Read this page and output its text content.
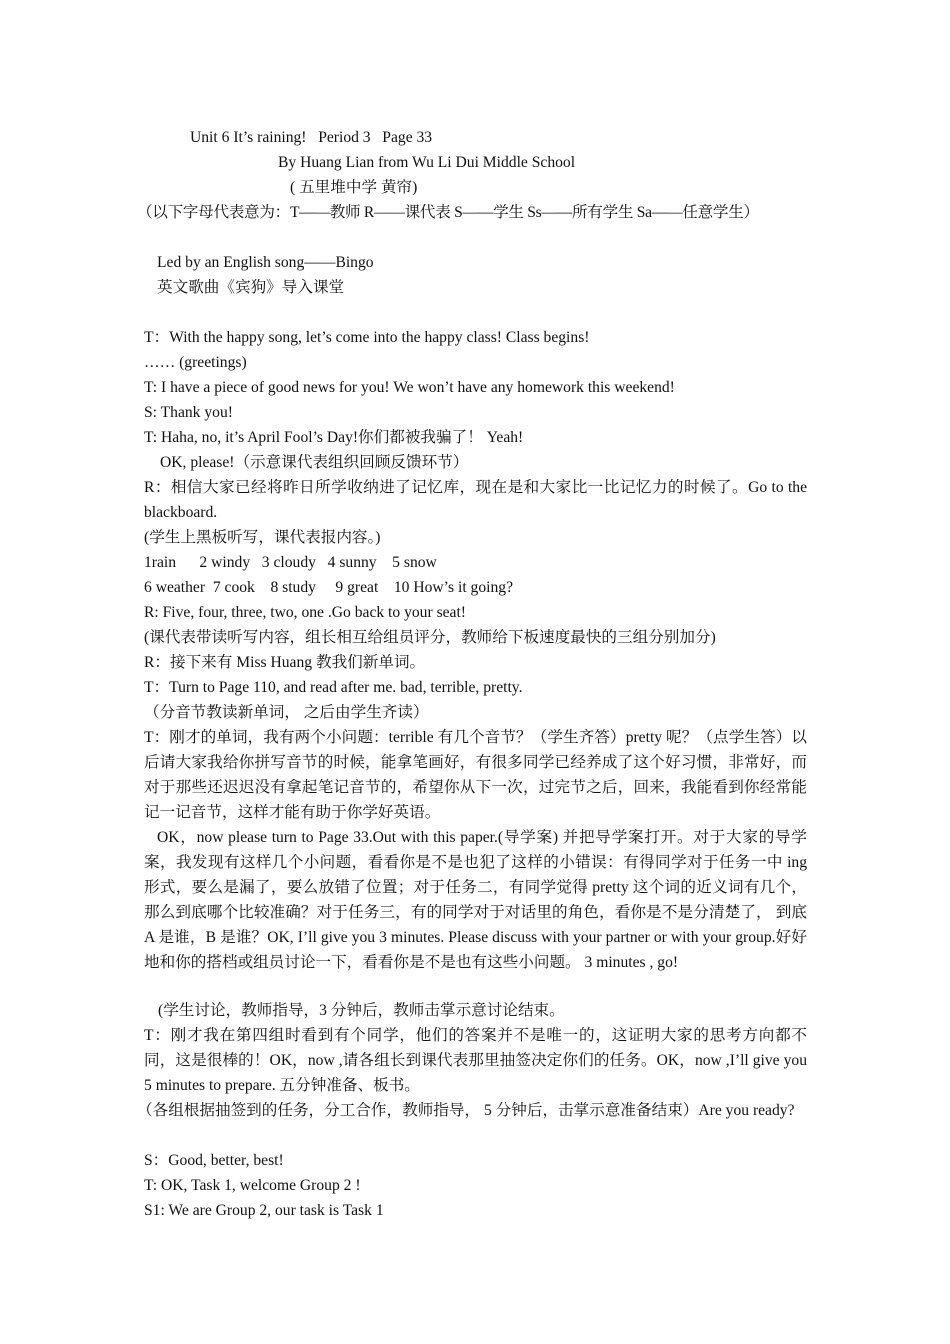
Unit 6 It’s raining!   Period 3   Page 33
By Huang Lian from Wu Li Dui Middle School
( 五里堆中学 黄帘)
（以下字母代表意为：T——教师 R——课代表 S——学生 Ss——所有学生 Sa——任意学生）
Led by an English song——Bingo
英文歌曲《宾狗》导入课堂
T：With the happy song, let’s come into the happy class! Class begins!
…… (greetings)
T: I have a piece of good news for you! We won’t have any homework this weekend!
S: Thank you!
T: Haha, no, it’s April Fool’s Day!你们都被我骗了！ Yeah!
OK, please!（示意课代表组织回顾反馈环节）
R：相信大家已经将昨日所学收纳进了记忆库，现在是和大家比一比记忆力的时候了。Go to the blackboard.
(学生上黑板听写，课代表报内容。)
1rain      2 windy   3 cloudy   4 sunny    5 snow
6 weather  7 cook    8 study     9 great    10 How’s it going?
R: Five, four, three, two, one .Go back to your seat!
(课代表带读听写内容，组长相互给组员评分，教师给下板速度最快的三组分别加分)
R：接下来有 Miss Huang 教我们新单词。
T：Turn to Page 110, and read after me. bad, terrible, pretty.
（分音节教读新单词， 之后由学生齐读）
T：刚才的单词，我有两个小问题：terrible 有几个音节？（学生齐答）pretty 呢？（点学生答）以后请大家我给你拼写音节的时候，能拿笔画好，有很多同学已经养成了这个好习惯，非常好，而对于那些还迟迟没有拿起笔记音节的，希望你从下一次，过完节之后，回来，我能看到你经常能记一记音节，这样才能有助于你学好英语。
OK，now please turn to Page 33.Out with this paper.(导学案) 并把导学案打开。对于大家的导学案，我发现有这样几个小问题，看看你是不是也犯了这样的小错误：有得同学对于任务一中 ing 形式，要么是漏了，要么放错了位置；对于任务二，有同学觉得 pretty 这个词的近义词有几个，那么到底哪个比较准确？对于任务三，有的同学对于对话里的角色，看你是不是分清楚了， 到底 A 是谁，B 是谁？OK, I’ll give you 3 minutes. Please discuss with your partner or with your group.好好地和你的搭档或组员讨论一下，看看你是不是也有这些小问题。 3 minutes , go!
(学生讨论，教师指导，3 分钟后，教师击掌示意讨论结束。
T：刚才我在第四组时看到有个同学，他们的答案并不是唯一的，这证明大家的思考方向都不同，这是很棒的！OK，now ,请各组长到课代表那里抽签决定你们的任务。OK，now ,I’ll give you 5 minutes to prepare. 五分钟准备、板书。
（各组根据抽签到的任务，分工合作，教师指导， 5 分钟后，击掌示意准备结束）Are you ready?
S：Good, better, best!
T: OK, Task 1, welcome Group 2 !
S1: We are Group 2, our task is Task 1
